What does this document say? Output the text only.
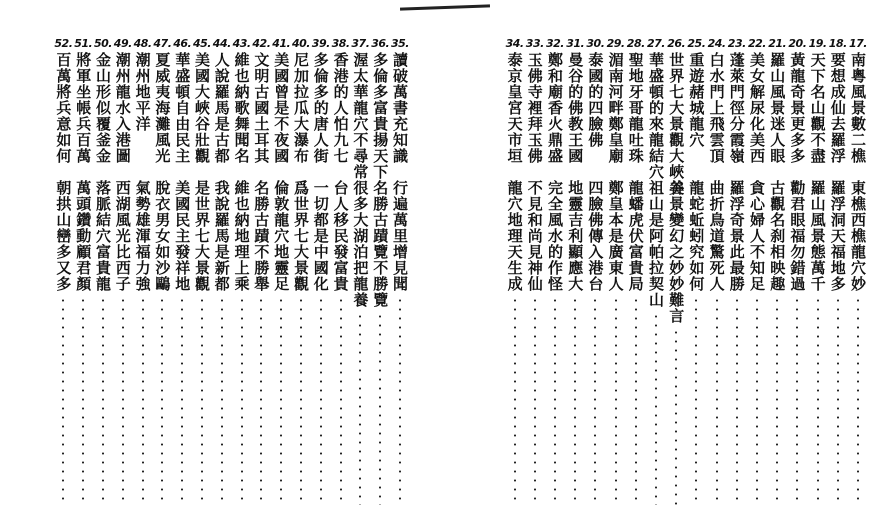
35.
讀破萬書充知識
行遍萬里增見聞
36.
多倫多富貴揚天下
名勝古蹟覽不勝覽
37.
渥太華龍穴不尋常
很多大湖泊把龍養
38.
香港的人怕九七
台人移民發富貴
39.
多倫多的唐人街
一切都是中國化
40.
尼加拉瓜大瀑布
爲世界七大景觀
41.
美國曾是不夜國
倫敦龍穴地靈足
42.
文明古國土耳其
名勝古蹟不勝舉
43.
維也納歌舞聞名
維也納地理上乘
44.
人說羅馬是古都
我說羅馬是新都
45.
美國大峽谷壯觀
是世界七大景觀
46.
華盛頓自由民主
美國民主發祥地
47.
夏威夷海灘風光
脫衣男女如沙鷗
48.
潮州地平洋
氣勢雄渾福力強
49.
潮州龍水入港圖
西湖風光比西子
50.
金山形似覆釜金
落脈結穴富貴龍
51.
將軍坐帳兵百萬
萬頭鑽動顧君顏
52.
百萬將兵意如何
朝拱山巒多又多
17.
南粵風景數二樵
東樵西樵龍穴妙
18.
要想成仙去羅浮
羅浮洞天福地多
19.
天下名山觀不盡
羅山風景態萬千
20.
黃龍奇景更多多
勸君眼福勿錯過
21.
羅山風景迷人眼
古觀名刹相映趣
22.
美女解尿化美西
貪心婦人不知足
23.
蓬萊門徑分霞嶺
羅浮奇景此最勝
24.
白水門上飛雲頂
曲折鳥道驚死人
25.
重遊赭城龍穴
龍蛇蚯蚓究如何
26.
世界七大景觀大峽谷
美景變幻之妙妙難言
27.
華盛頓的來龍結穴
祖山是阿帕拉契山
28.
聖地牙哥龍吐珠
龍蟠虎伏富貴局
29.
湄南河畔鄭皇廟
鄭皇本是廣東人
30.
泰國的四臉佛
四臉佛傳入港台
31.
曼谷的佛教王國
地靈吉利顯應大
32.
鄭和廟香火鼎盛
完全風水的作怪
33.
玉佛寺裡拜玉佛
不見和尚見神仙
34.
泰京皇宮天市垣
龍穴地理天生成
